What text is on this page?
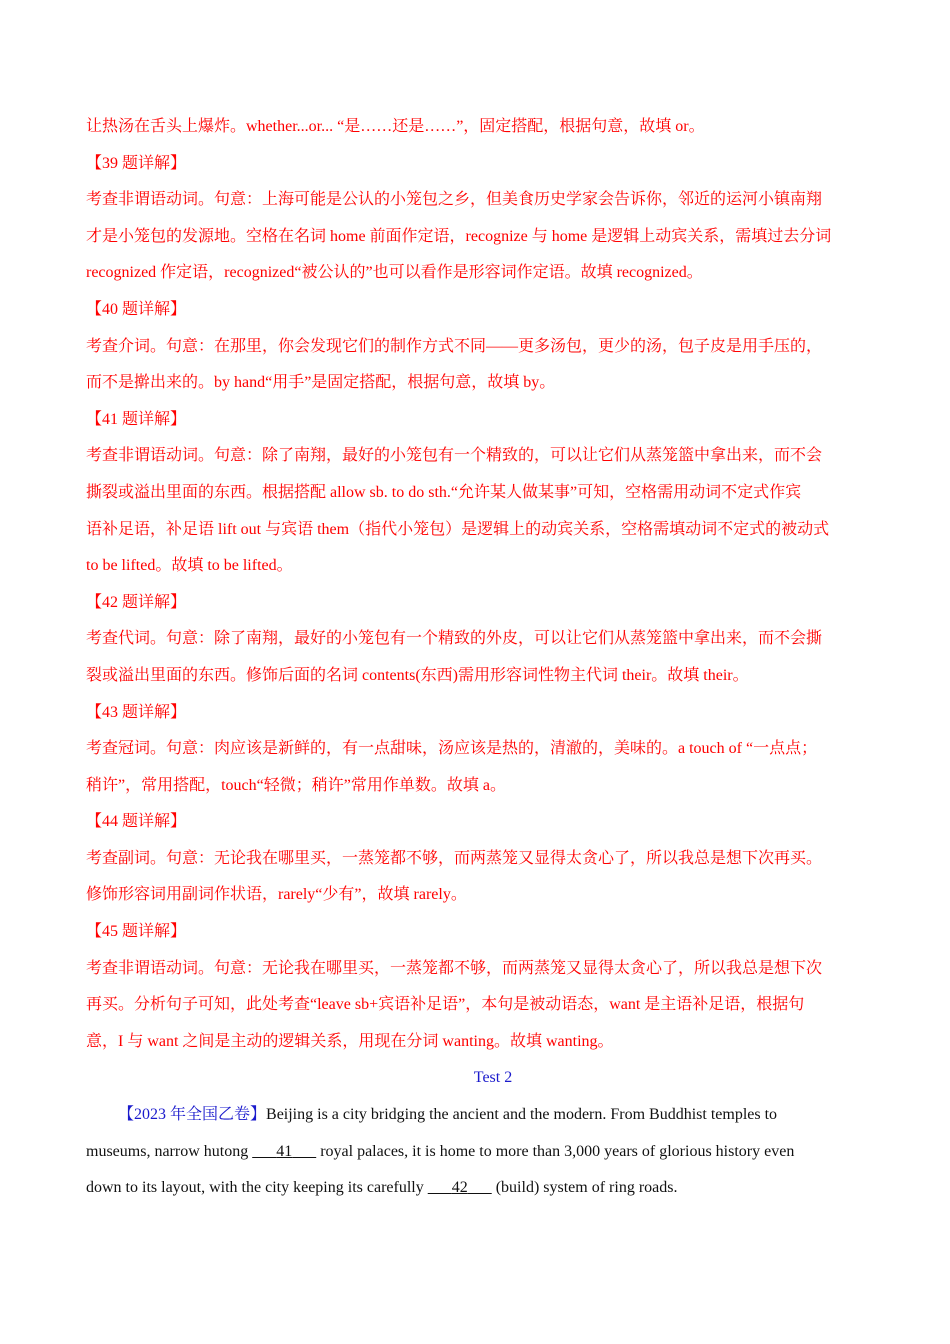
让热汤在舌头上爆炸。whether...or... “是……还是……”，固定搭配，根据句意，故填 or。
【39 题详解】
考查非谓语动词。句意：上海可能是公认的小笼包之乡，但美食历史学家会告诉你，邻近的运河小镇南翔
才是小笼包的发源地。空格在名词 home 前面作定语，recognize 与 home 是逻辑上动宾关系，需填过去分词
recognized 作定语，recognized“被公认的”也可以看作是形容词作定语。故填 recognized。
【40 题详解】
考查介词。句意：在那里，你会发现它们的制作方式不同——更多汤包，更少的汤，包子皮是用手压的，
而不是擀出来的。by hand“用手”是固定搭配，根据句意，故填 by。
【41 题详解】
考查非谓语动词。句意：除了南翔，最好的小笼包有一个精致的，可以让它们从蒸笼篮中拿出来，而不会
撕裂或溢出里面的东西。根据搭配 allow sb. to do sth.“允许某人做某事”可知，空格需用动词不定式作宾
语补足语，补足语 lift out 与宾语 them（指代小笼包）是逻辑上的动宾关系，空格需填动词不定式的被动式
to be lifted。故填 to be lifted。
【42 题详解】
考查代词。句意：除了南翔，最好的小笼包有一个精致的外皮，可以让它们从蒸笼篮中拿出来，而不会撕
裂或溢出里面的东西。修饰后面的名词 contents(东西)需用形容词性物主代词 their。故填 their。
【43 题详解】
考查冠词。句意：肉应该是新鲜的，有一点甜味，汤应该是热的，清澈的，美味的。a touch of “一点点；
稍许”，常用搭配，touch“轻微；稍许”常用作单数。故填 a。
【44 题详解】
考查副词。句意：无论我在哪里买，一蒸笼都不够，而两蒸笼又显得太贪心了，所以我总是想下次再买。
修饰形容词用副词作状语，rarely“少有”，故填 rarely。
【45 题详解】
考查非谓语动词。句意：无论我在哪里买，一蒸笼都不够，而两蒸笼又显得太贪心了，所以我总是想下次
再买。分析句子可知，此处考查“leave sb+宾语补足语”，本句是被动语态，want 是主语补足语，根据句
意，I 与 want 之间是主动的逻辑关系，用现在分词 wanting。故填 wanting。
Test 2
【2023 年全国乙卷】Beijing is a city bridging the ancient and the modern. From Buddhist temples to
museums, narrow hutong       41       royal palaces, it is home to more than 3,000 years of glorious history even
down to its layout, with the city keeping its carefully       42       (build) system of ring roads.
